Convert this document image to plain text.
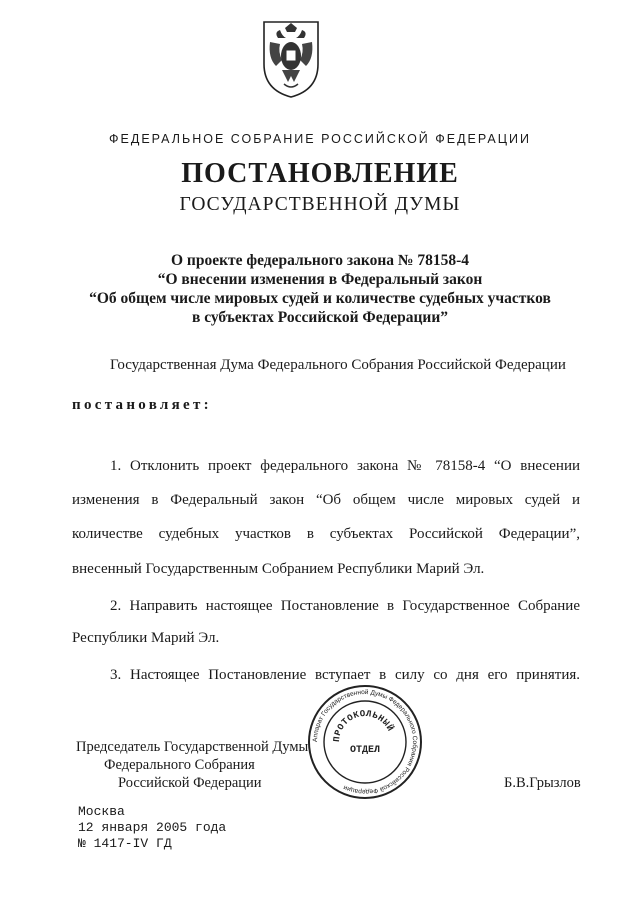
ФЕДЕРАЛЬНОЕ СОБРАНИЕ РОССИЙСКОЙ ФЕДЕРАЦИИ
ПОСТАНОВЛЕНИЕ
ГОСУДАРСТВЕННОЙ ДУМЫ
О проекте федерального закона № 78158-4
“О внесении изменения в Федеральный закон
“Об общем числе мировых судей и количестве судебных участков
в субъектах Российской Федерации”
Государственная Дума Федерального Собрания Российской Федерации
постановляет:
1. Отклонить проект федерального закона № 78158-4 “О внесении
изменения в Федеральный закон “Об общем числе мировых судей и
количестве судебных участков в субъектах Российской Федерации”,
внесенный Государственным Собранием Республики Марий Эл.
2. Направить настоящее Постановление в Государственное Собрание
Республики Марий Эл.
3. Настоящее Постановление вступает в силу со дня его принятия.
Председатель Государственной Думы
Федерального Собрания
Российской Федерации	Б.В.Грызлов
Аппарат Государственной Думы Федерального Собрания Российской Федерации
ПРОТОКОЛЬНЫЙ
ОТДЕЛ
Москва
12 января 2005 года
№ 1417-IV ГД
